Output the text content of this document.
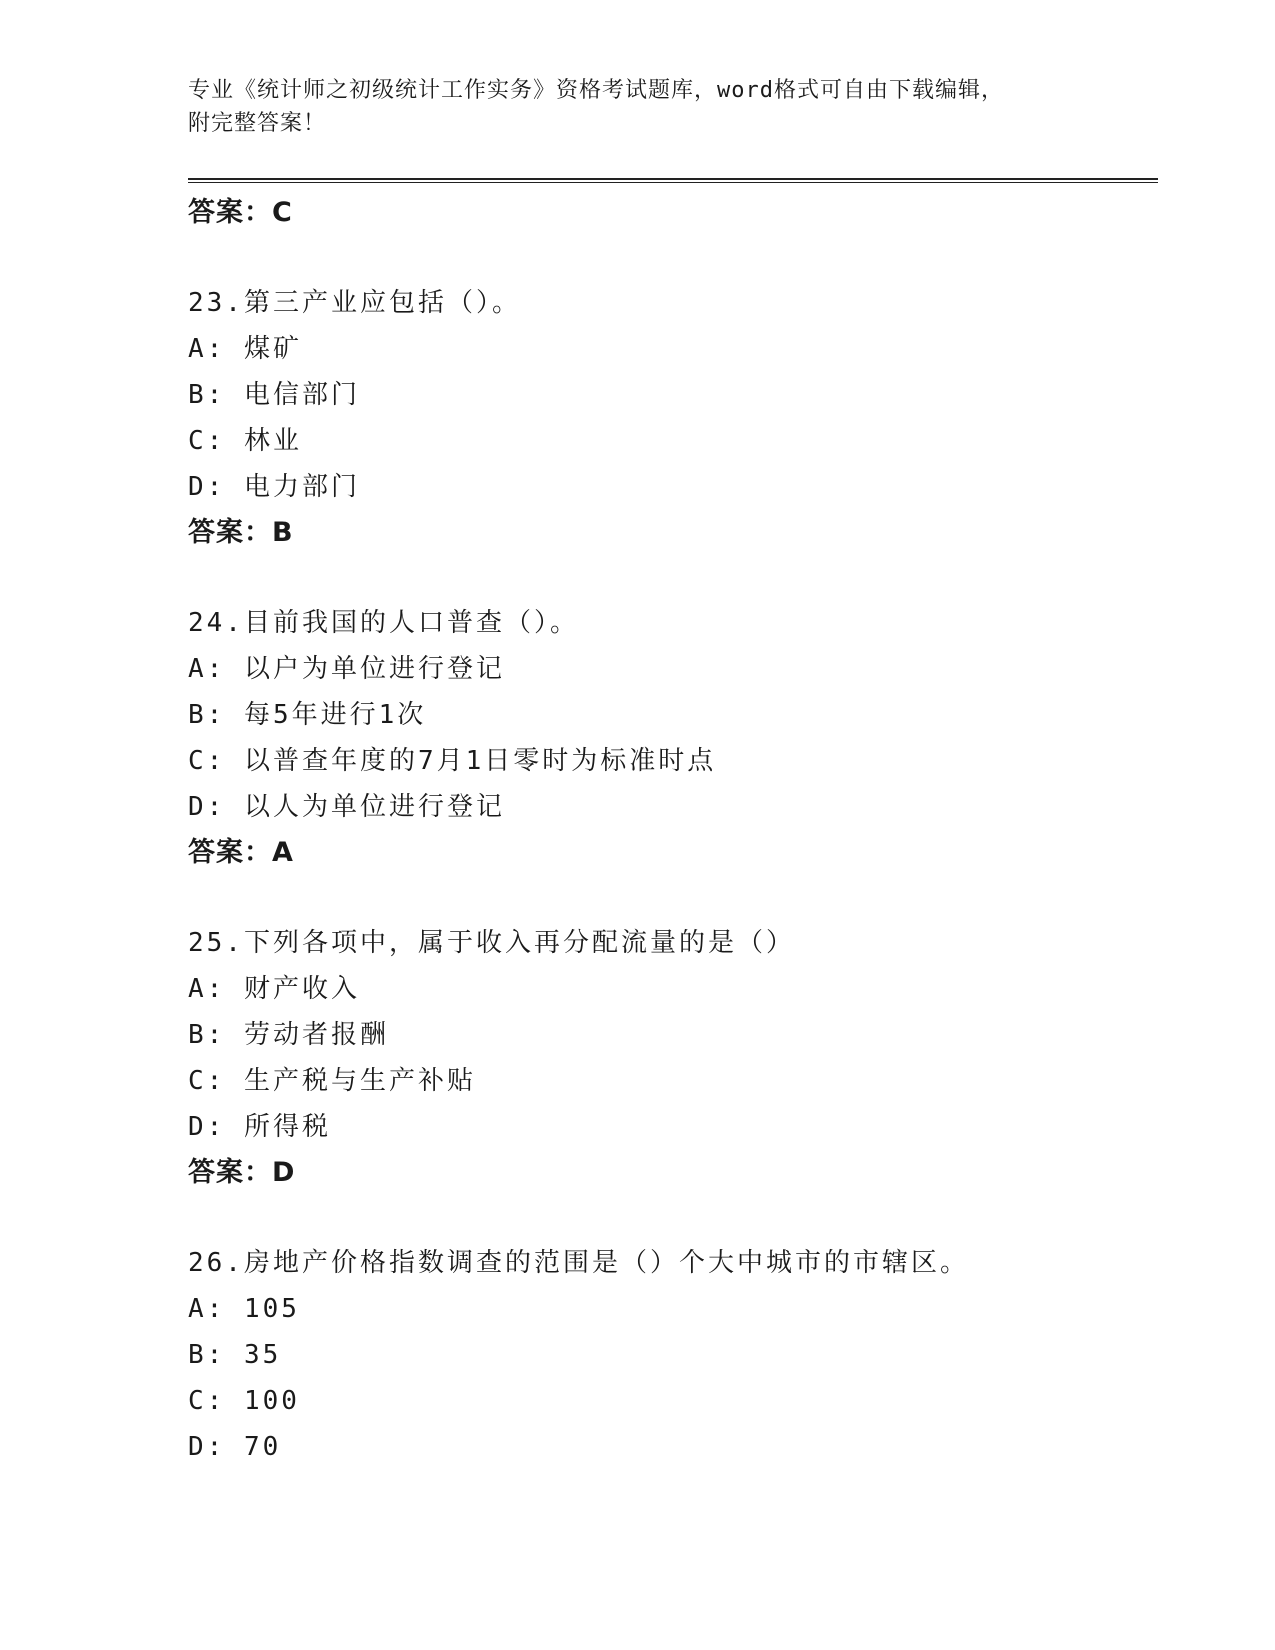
专业《统计师之初级统计工作实务》资格考试题库，word格式可自由下载编辑，
附完整答案！
答案：C
23.第三产业应包括（）。
A: 煤矿
B: 电信部门
C: 林业
D: 电力部门
答案：B
24.目前我国的人口普查（）。
A: 以户为单位进行登记
B: 每5年进行1次
C: 以普查年度的7月1日零时为标准时点
D: 以人为单位进行登记
答案：A
25.下列各项中，属于收入再分配流量的是（）
A: 财产收入
B: 劳动者报酬
C: 生产税与生产补贴
D: 所得税
答案：D
26.房地产价格指数调查的范围是（）个大中城市的市辖区。
A: 105
B: 35
C: 100
D: 70
